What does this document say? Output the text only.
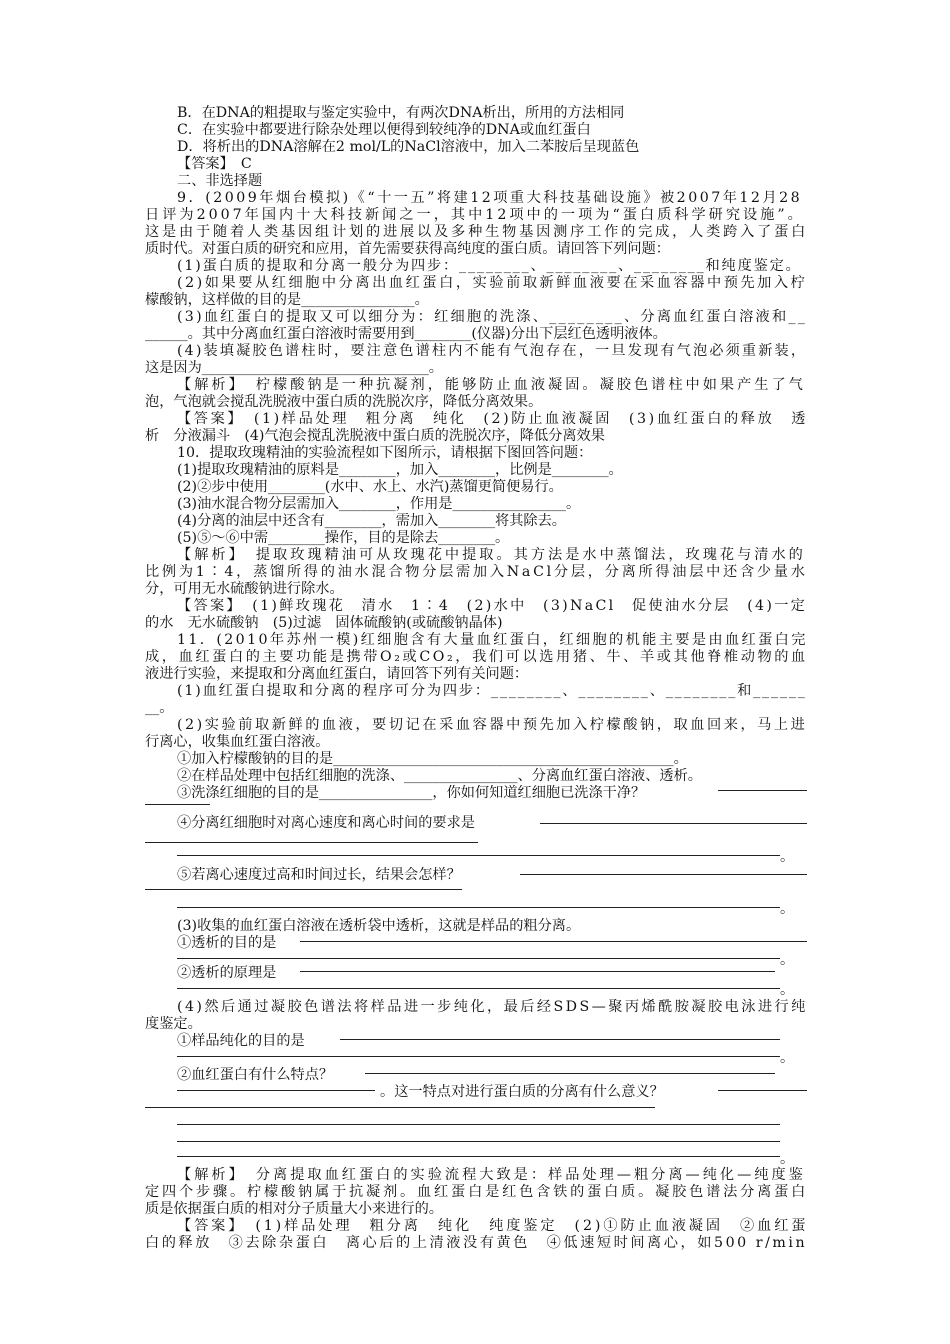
B．在DNA的粗提取与鉴定实验中，有两次DNA析出，所用的方法相同
C．在实验中都要进行除杂处理以便得到较纯净的DNA或血红蛋白
D．将析出的DNA溶解在2 mol/L的NaCl溶液中，加入二苯胺后呈现蓝色
【答案】　C
二、非选择题
9．(2009年烟台模拟)《“十一五”将建12项重大科技基础设施》被2007年12月28
日评为2007年国内十大科技新闻之一，其中12项中的一项为“蛋白质科学研究设施”。
这是由于随着人类基因组计划的进展以及多种生物基因测序工作的完成，人类跨入了蛋白
质时代。对蛋白质的研究和应用，首先需要获得高纯度的蛋白质。请回答下列问题：
(1)蛋白质的提取和分离一般分为四步：________、________、________和纯度鉴定。
(2)如果要从红细胞中分离出血红蛋白，实验前取新鲜血液要在采血容器中预先加入柠
檬酸钠，这样做的目的是________________。
(3)血红蛋白的提取又可以细分为：红细胞的洗涤、________、分离血红蛋白溶液和__
______。其中分离血红蛋白溶液时需要用到________(仪器)分出下层红色透明液体。
(4)装填凝胶色谱柱时，要注意色谱柱内不能有气泡存在，一旦发现有气泡必须重新装，
这是因为________________________________。
【解析】　柠檬酸钠是一种抗凝剂，能够防止血液凝固。凝胶色谱柱中如果产生了气
泡，气泡就会搅乱洗脱液中蛋白质的洗脱次序，降低分离效果。
【答案】　(1)样品处理　粗分离　纯化　(2)防止血液凝固　(3)血红蛋白的释放　透
析　分液漏斗　(4)气泡会搅乱洗脱液中蛋白质的洗脱次序，降低分离效果
10．提取玫瑰精油的实验流程如下图所示，请根据下图回答问题：
(1)提取玫瑰精油的原料是________，加入________，比例是________。
(2)②步中使用________(水中、水上、水汽)蒸馏更简便易行。
(3)油水混合物分层需加入________，作用是________________。
(4)分离的油层中还含有________，需加入________将其除去。
(5)⑤～⑥中需________操作，目的是除去________。
【解析】　提取玫瑰精油可从玫瑰花中提取。其方法是水中蒸馏法，玫瑰花与清水的
比例为1∶4，蒸馏所得的油水混合物分层需加入NaCl分层，分离所得油层中还含少量水
分，可用无水硫酸钠进行除水。
【答案】　(1)鲜玫瑰花　清水　1∶4　(2)水中　(3)NaCl　促使油水分层　(4)一定
的水　无水硫酸钠　(5)过滤　固体硫酸钠(或硫酸钠晶体)
11．(2010年苏州一模)红细胞含有大量血红蛋白，红细胞的机能主要是由血红蛋白完
成，血红蛋白的主要功能是携带O₂或CO₂，我们可以选用猪、牛、羊或其他脊椎动物的血
液进行实验，来提取和分离血红蛋白，请回答下列有关问题：
(1)血红蛋白提取和分离的程序可分为四步：________、________、________和______
__。
(2)实验前取新鲜的血液，要切记在采血容器中预先加入柠檬酸钠，取血回来，马上进
行离心，收集血红蛋白溶液。
①加入柠檬酸钠的目的是________________________________________________。
②在样品处理中包括红细胞的洗涤、________________、分离血红蛋白溶液、透析。
③洗涤红细胞的目的是________________，你如何知道红细胞已洗涤干净？
④分离红细胞时对离心速度和离心时间的要求是
。
⑤若离心速度过高和时间过长，结果会怎样？
。
(3)收集的血红蛋白溶液在透析袋中透析，这就是样品的粗分离。
①透析的目的是
。
②透析的原理是
。
(4)然后通过凝胶色谱法将样品进一步纯化，最后经SDS—聚丙烯酰胺凝胶电泳进行纯
度鉴定。
①样品纯化的目的是
。
②血红蛋白有什么特点？
。这一特点对进行蛋白质的分离有什么意义？
。
【解析】　分离提取血红蛋白的实验流程大致是：样品处理—粗分离—纯化—纯度鉴
定四个步骤。柠檬酸钠属于抗凝剂。血红蛋白是红色含铁的蛋白质。凝胶色谱法分离蛋白
质是依据蛋白质的相对分子质量大小来进行的。
【答案】　(1)样品处理　粗分离　纯化　纯度鉴定　(2)①防止血液凝固　②血红蛋
白的释放　③去除杂蛋白　离心后的上清液没有黄色　④低速短时间离心，如500 r/min
